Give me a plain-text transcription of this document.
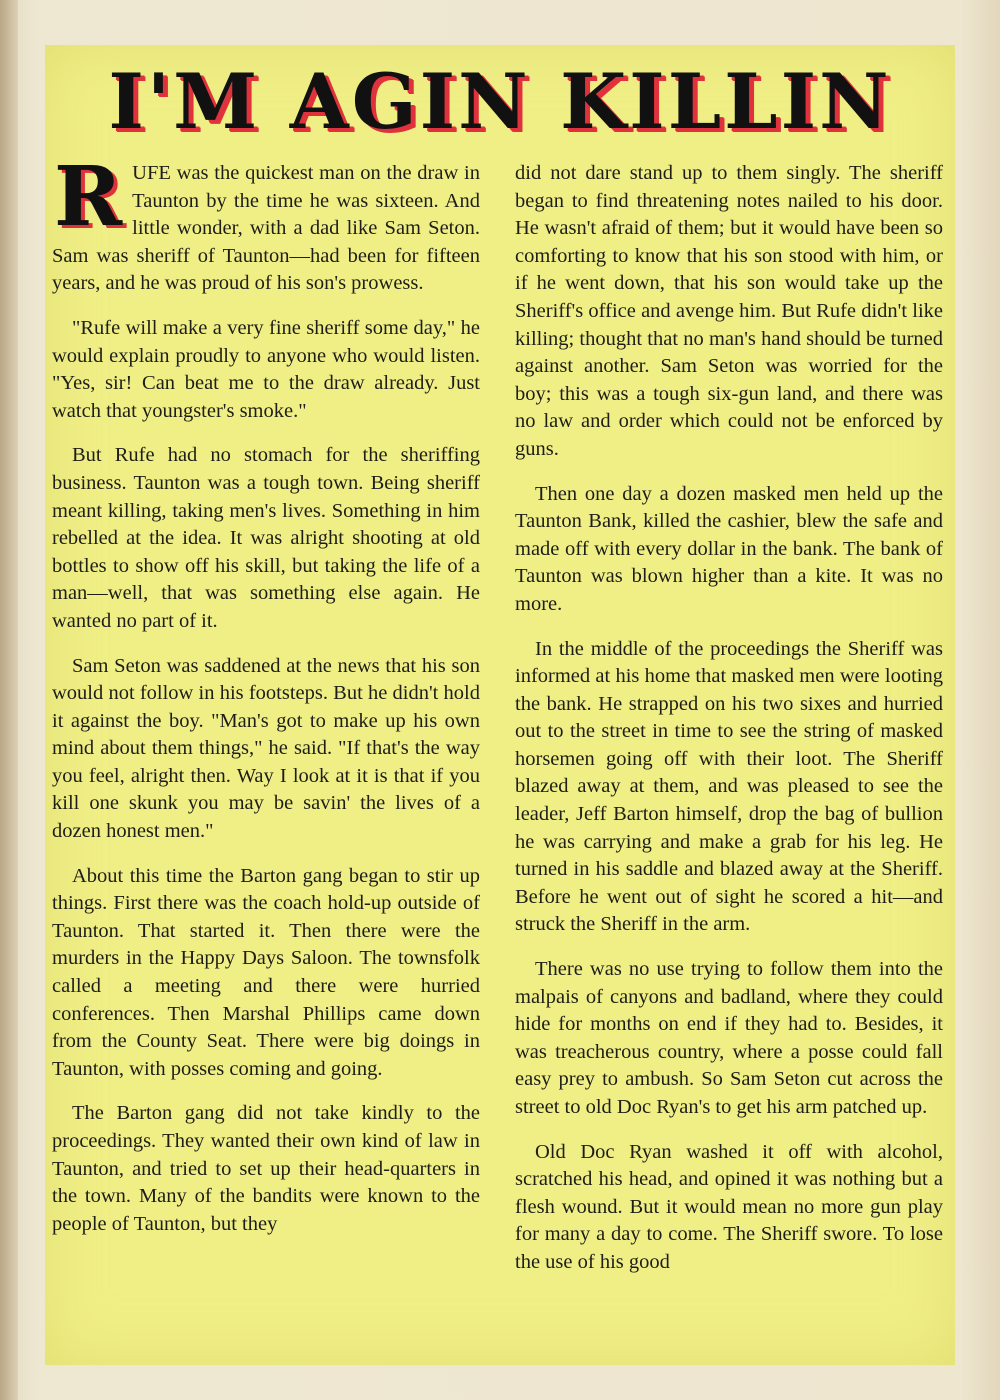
I'M AGIN KILLIN

RUFE was the quickest man on the draw in Taunton by the time he was sixteen. And little wonder, with a dad like Sam Seton. Sam was sheriff of Taunton—had been for fifteen years, and he was proud of his son's prowess.

"Rufe will make a very fine sheriff some day," he would explain proudly to anyone who would listen. "Yes, sir! Can beat me to the draw already. Just watch that youngster's smoke."

But Rufe had no stomach for the sheriffing business. Taunton was a tough town. Being sheriff meant killing, taking men's lives. Something in him rebelled at the idea. It was alright shooting at old bottles to show off his skill, but taking the life of a man—well, that was something else again. He wanted no part of it.

Sam Seton was saddened at the news that his son would not follow in his footsteps. But he didn't hold it against the boy. "Man's got to make up his own mind about them things," he said. "If that's the way you feel, alright then. Way I look at it is that if you kill one skunk you may be savin' the lives of a dozen honest men."

About this time the Barton gang began to stir up things. First there was the coach hold-up outside of Taunton. That started it. Then there were the murders in the Happy Days Saloon. The townsfolk called a meeting and there were hurried conferences. Then Marshal Phillips came down from the County Seat. There were big doings in Taunton, with posses coming and going.

The Barton gang did not take kindly to the proceedings. They wanted their own kind of law in Taunton, and tried to set up their head-quarters in the town. Many of the bandits were known to the people of Taunton, but they

did not dare stand up to them singly. The sheriff began to find threatening notes nailed to his door. He wasn't afraid of them; but it would have been so comforting to know that his son stood with him, or if he went down, that his son would take up the Sheriff's office and avenge him. But Rufe didn't like killing; thought that no man's hand should be turned against another. Sam Seton was worried for the boy; this was a tough six-gun land, and there was no law and order which could not be enforced by guns.

Then one day a dozen masked men held up the Taunton Bank, killed the cashier, blew the safe and made off with every dollar in the bank. The bank of Taunton was blown higher than a kite. It was no more.

In the middle of the proceedings the Sheriff was informed at his home that masked men were looting the bank. He strapped on his two sixes and hurried out to the street in time to see the string of masked horsemen going off with their loot. The Sheriff blazed away at them, and was pleased to see the leader, Jeff Barton himself, drop the bag of bullion he was carrying and make a grab for his leg. He turned in his saddle and blazed away at the Sheriff. Before he went out of sight he scored a hit—and struck the Sheriff in the arm.

There was no use trying to follow them into the malpais of canyons and badland, where they could hide for months on end if they had to. Besides, it was treacherous country, where a posse could fall easy prey to ambush. So Sam Seton cut across the street to old Doc Ryan's to get his arm patched up.

Old Doc Ryan washed it off with alcohol, scratched his head, and opined it was nothing but a flesh wound. But it would mean no more gun play for many a day to come. The Sheriff swore. To lose the use of his good
